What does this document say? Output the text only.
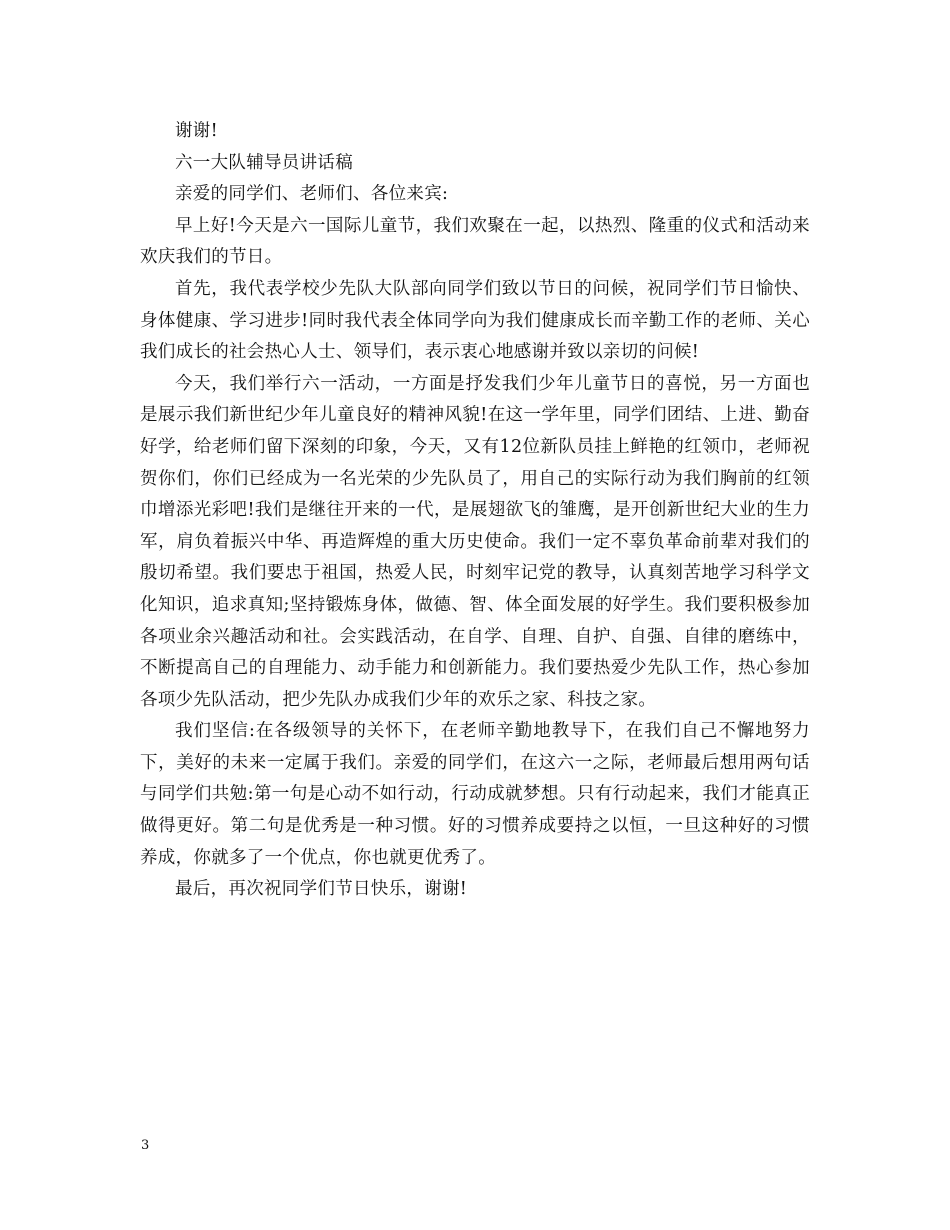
谢谢!

六一大队辅导员讲话稿

亲爱的同学们、老师们、各位来宾:

早上好!今天是六一国际儿童节，我们欢聚在一起，以热烈、隆重的仪式和活动来欢庆我们的节日。

首先，我代表学校少先队大队部向同学们致以节日的问候，祝同学们节日愉快、身体健康、学习进步!同时我代表全体同学向为我们健康成长而辛勤工作的老师、关心我们成长的社会热心人士、领导们，表示衷心地感谢并致以亲切的问候!

今天，我们举行六一活动，一方面是抒发我们少年儿童节日的喜悦，另一方面也是展示我们新世纪少年儿童良好的精神风貌!在这一学年里，同学们团结、上进、勤奋好学，给老师们留下深刻的印象，今天，又有12位新队员挂上鲜艳的红领巾，老师祝贺你们，你们已经成为一名光荣的少先队员了，用自己的实际行动为我们胸前的红领巾增添光彩吧!我们是继往开来的一代，是展翅欲飞的雏鹰，是开创新世纪大业的生力军，肩负着振兴中华、再造辉煌的重大历史使命。我们一定不辜负革命前辈对我们的殷切希望。我们要忠于祖国，热爱人民，时刻牢记党的教导，认真刻苦地学习科学文化知识，追求真知;坚持锻炼身体，做德、智、体全面发展的好学生。我们要积极参加各项业余兴趣活动和社。会实践活动，在自学、自理、自护、自强、自律的磨练中，不断提高自己的自理能力、动手能力和创新能力。我们要热爱少先队工作，热心参加各项少先队活动，把少先队办成我们少年的欢乐之家、科技之家。

我们坚信:在各级领导的关怀下，在老师辛勤地教导下，在我们自己不懈地努力下，美好的未来一定属于我们。亲爱的同学们，在这六一之际，老师最后想用两句话与同学们共勉:第一句是心动不如行动，行动成就梦想。只有行动起来，我们才能真正做得更好。第二句是优秀是一种习惯。好的习惯养成要持之以恒，一旦这种好的习惯养成，你就多了一个优点，你也就更优秀了。

最后，再次祝同学们节日快乐，谢谢!

3
